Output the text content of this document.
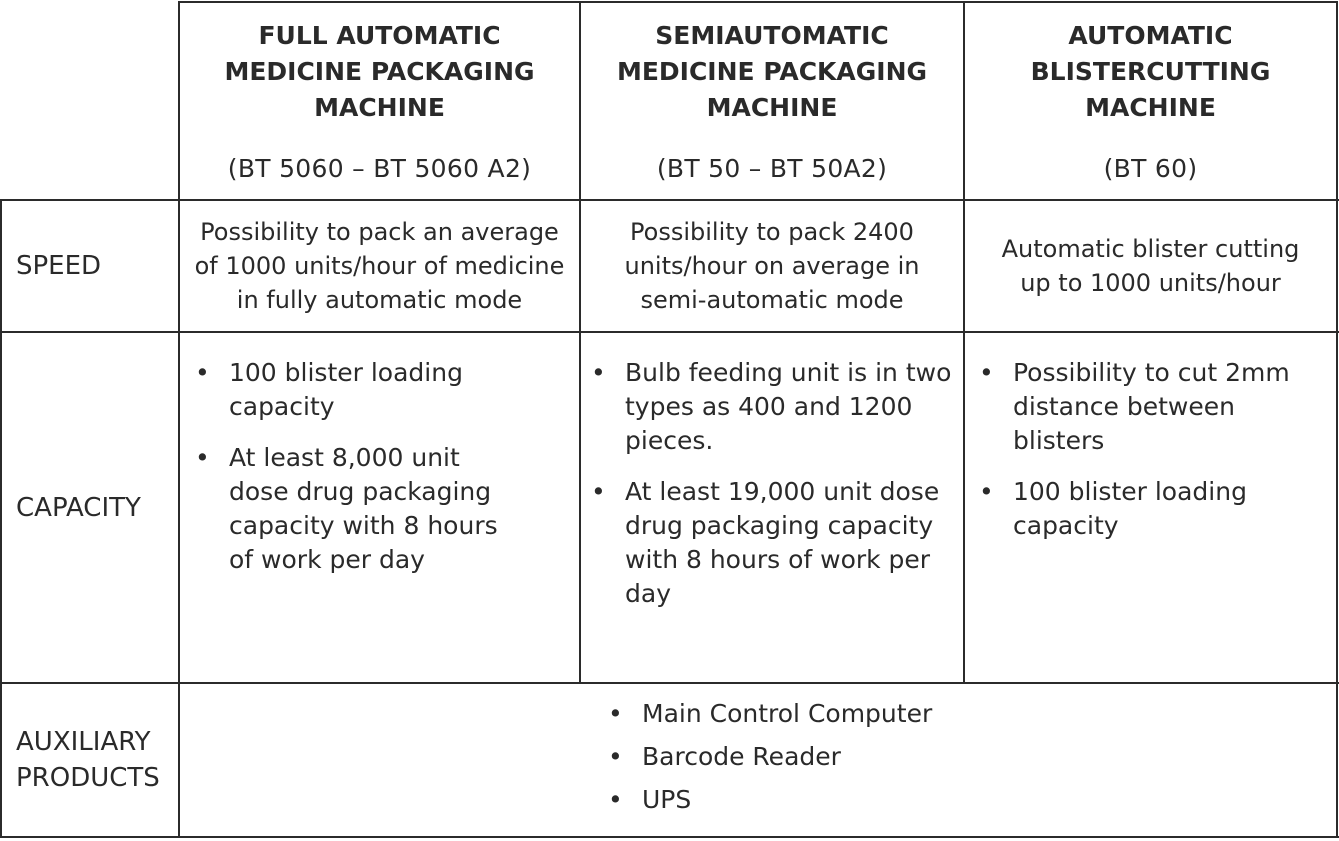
FULL AUTOMATIC
MEDICINE PACKAGING
MACHINE
(BT 5060 – BT 5060 A2)
SEMIAUTOMATIC
MEDICINE PACKAGING
MACHINE
(BT 50 – BT 50A2)
AUTOMATIC
BLISTERCUTTING
MACHINE
(BT 60)
SPEED
Possibility to pack an average
of 1000 units/hour of medicine
in fully automatic mode
Possibility to pack 2400
units/hour on average in
semi-automatic mode
Automatic blister cutting
up to 1000 units/hour
CAPACITY
• 100 blister loading
capacity
• At least 8,000 unit
dose drug packaging
capacity with 8 hours
of work per day
• Bulb feeding unit is in two
types as 400 and 1200
pieces.
• At least 19,000 unit dose
drug packaging capacity
with 8 hours of work per
day
• Possibility to cut 2mm
distance between
blisters
• 100 blister loading
capacity
AUXILIARY
PRODUCTS
• Main Control Computer
• Barcode Reader
• UPS
